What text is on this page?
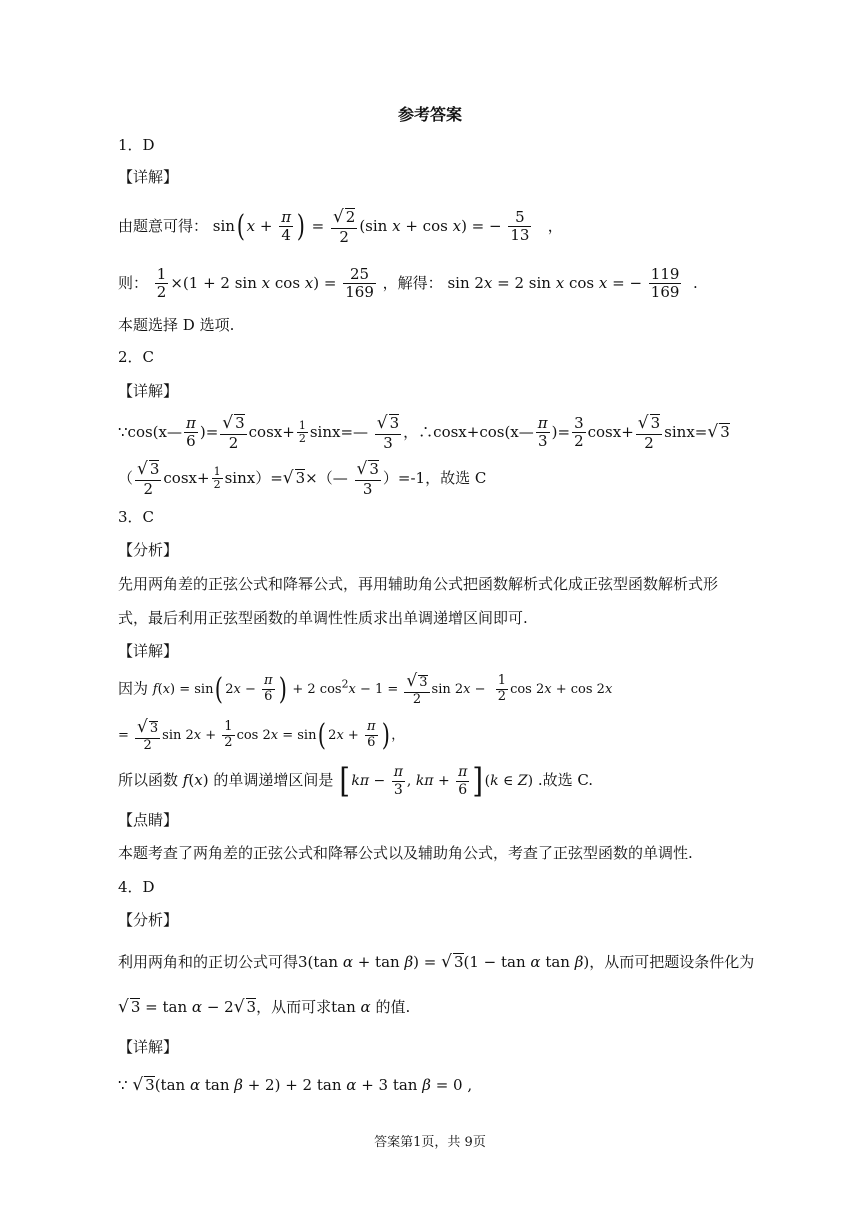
参考答案
1．D
【详解】
由题意可得： sin( $x + \frac{\pi}{4}$ ) = $\frac{√ 2}{2} (\sin$ x + cos x) = − $\frac{5}{13}$ ，
则： $\frac{1}{2} \times(1 + 2$ sin x $\cos x) = \frac{25}{169}$ ，解得： sin 2x = 2 sin x cos x = − $\frac{119}{169}$ .
本题选择 D 选项.
2．C
【详解】
∵cos(x— $\frac{\pi}{6}$ )= $\frac{√ 3}{2} \cos x+ \frac{1}{2}$ sinx=— $\frac{√ 3}{3}$ ，∴cosx+cos(x— $\frac{\pi}{3}$ )= $\frac{3}{2} \cos x+ \frac{√ 3}{2} \sin x=√$ 3
（ $\frac{√ 3}{2} \cos x+ \frac{1}{2} \sin x)=√$ 3×（— $\frac{√ 3}{3} )=-1$，故选 C
3．C
【分析】
先用两角差的正弦公式和降幂公式，再用辅助角公式把函数解析式化成正弦型函数解析式形
式，最后利用正弦型函数的单调性性质求出单调递增区间即可.
【详解】
因为 f(x) = sin( $2x - \frac{\pi}{6}$ ) + 2 $\cos^2x - 1 = \frac{√ 3}{2}$ $\sin 2x - \frac{1}{2}$ cos 2x + cos 2x
= $\frac{√ 3}{2}$ $\sin 2x + \frac{1}{2}$ cos 2x = sin( $2x + \frac{\pi}{6}$ ) ，
所以函数 f(x) 的单调递增区间是 [$k\pi - \frac{\pi}{3}$ , $k\pi + \frac{\pi}{6} ](k$ ∈ Z) .故选 C.
【点睛】
本题考查了两角差的正弦公式和降幂公式以及辅助角公式，考查了正弦型函数的单调性.
4．D
【分析】
利用两角和的正切公式可得3(tan α + tan β) = √ 3(1 − tan α tan β)，从而可把题设条件化为
√ 3 = tan α − 2√ 3，从而可求tan α 的值.
【详解】
∵ √ 3(tan α tan β + 2) + 2 tan α + 3 tan β = 0 ,
答案第1页，共 9页
